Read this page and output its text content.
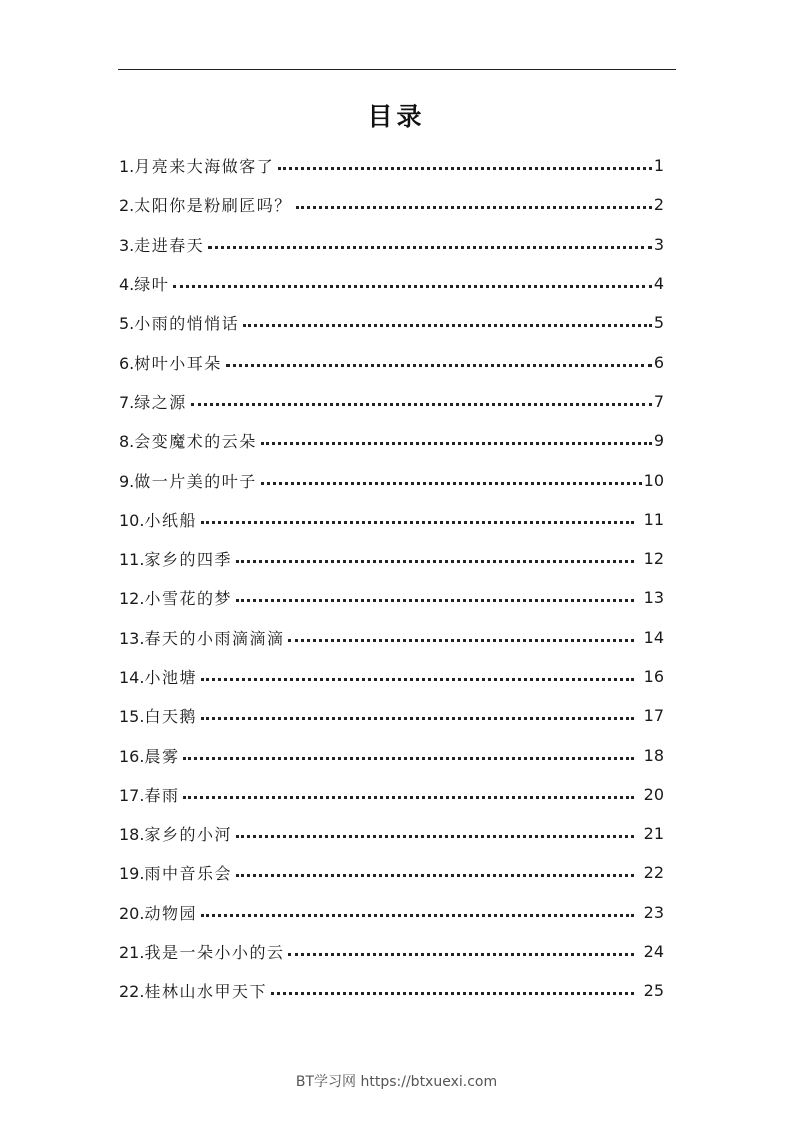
目录
1.月亮来大海做客了	1
2.太阳你是粉刷匠吗？	2
3.走进春天	3
4.绿叶	4
5.小雨的悄悄话	5
6.树叶小耳朵	6
7.绿之源	7
8.会变魔术的云朵	9
9.做一片美的叶子	10
10.小纸船	11
11.家乡的四季	12
12.小雪花的梦	13
13.春天的小雨滴滴滴	14
14.小池塘	16
15.白天鹅	17
16.晨雾	18
17.春雨	20
18.家乡的小河	21
19.雨中音乐会	22
20.动物园	23
21.我是一朵小小的云	24
22.桂林山水甲天下	25
BT学习网 https://btxuexi.com
